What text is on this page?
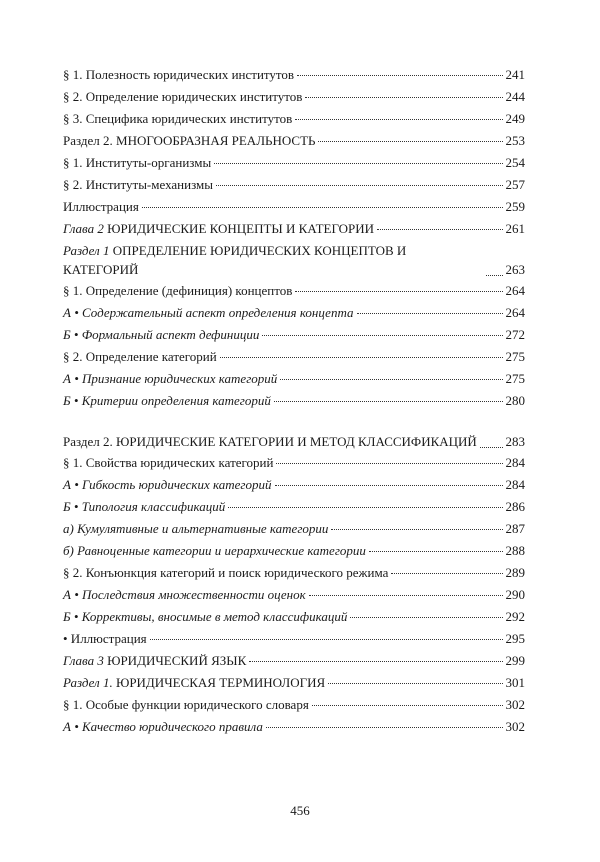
§ 1. Полезность юридических институтов	241
§ 2. Определение юридических институтов	244
§ 3. Специфика юридических институтов	249
Раздел 2. МНОГООБРАЗНАЯ РЕАЛЬНОСТЬ	253
§ 1. Институты-организмы	254
§ 2. Институты-механизмы	257
Иллюстрация	259
Глава 2 ЮРИДИЧЕСКИЕ КОНЦЕПТЫ И КАТЕГОРИИ	261
Раздел 1 ОПРЕДЕЛЕНИЕ ЮРИДИЧЕСКИХ КОНЦЕПТОВ И КАТЕГОРИЙ	263
§ 1. Определение (дефиниция) концептов	264
А • Содержательный аспект определения концепта	264
Б • Формальный аспект дефиниции	272
§ 2. Определение категорий	275
А • Признание юридических категорий	275
Б • Критерии определения категорий	280
Раздел 2. ЮРИДИЧЕСКИЕ КАТЕГОРИИ И МЕТОД КЛАССИФИКАЦИЙ 283
§ 1. Свойства юридических категорий	284
А • Гибкость юридических категорий	284
Б • Типология классификаций	286
а) Кумулятивные и альтернативные категории	287
б) Равноценные категории и иерархические категории	288
§ 2. Конъюнкция категорий и поиск юридического режима	289
А • Последствия множественности оценок	290
Б • Коррективы, вносимые в метод классификаций	292
• Иллюстрация	295
Глава 3 ЮРИДИЧЕСКИЙ ЯЗЫК	299
Раздел 1. ЮРИДИЧЕСКАЯ ТЕРМИНОЛОГИЯ	301
§ 1. Особые функции юридического словаря	302
А • Качество юридического правила	302
456
